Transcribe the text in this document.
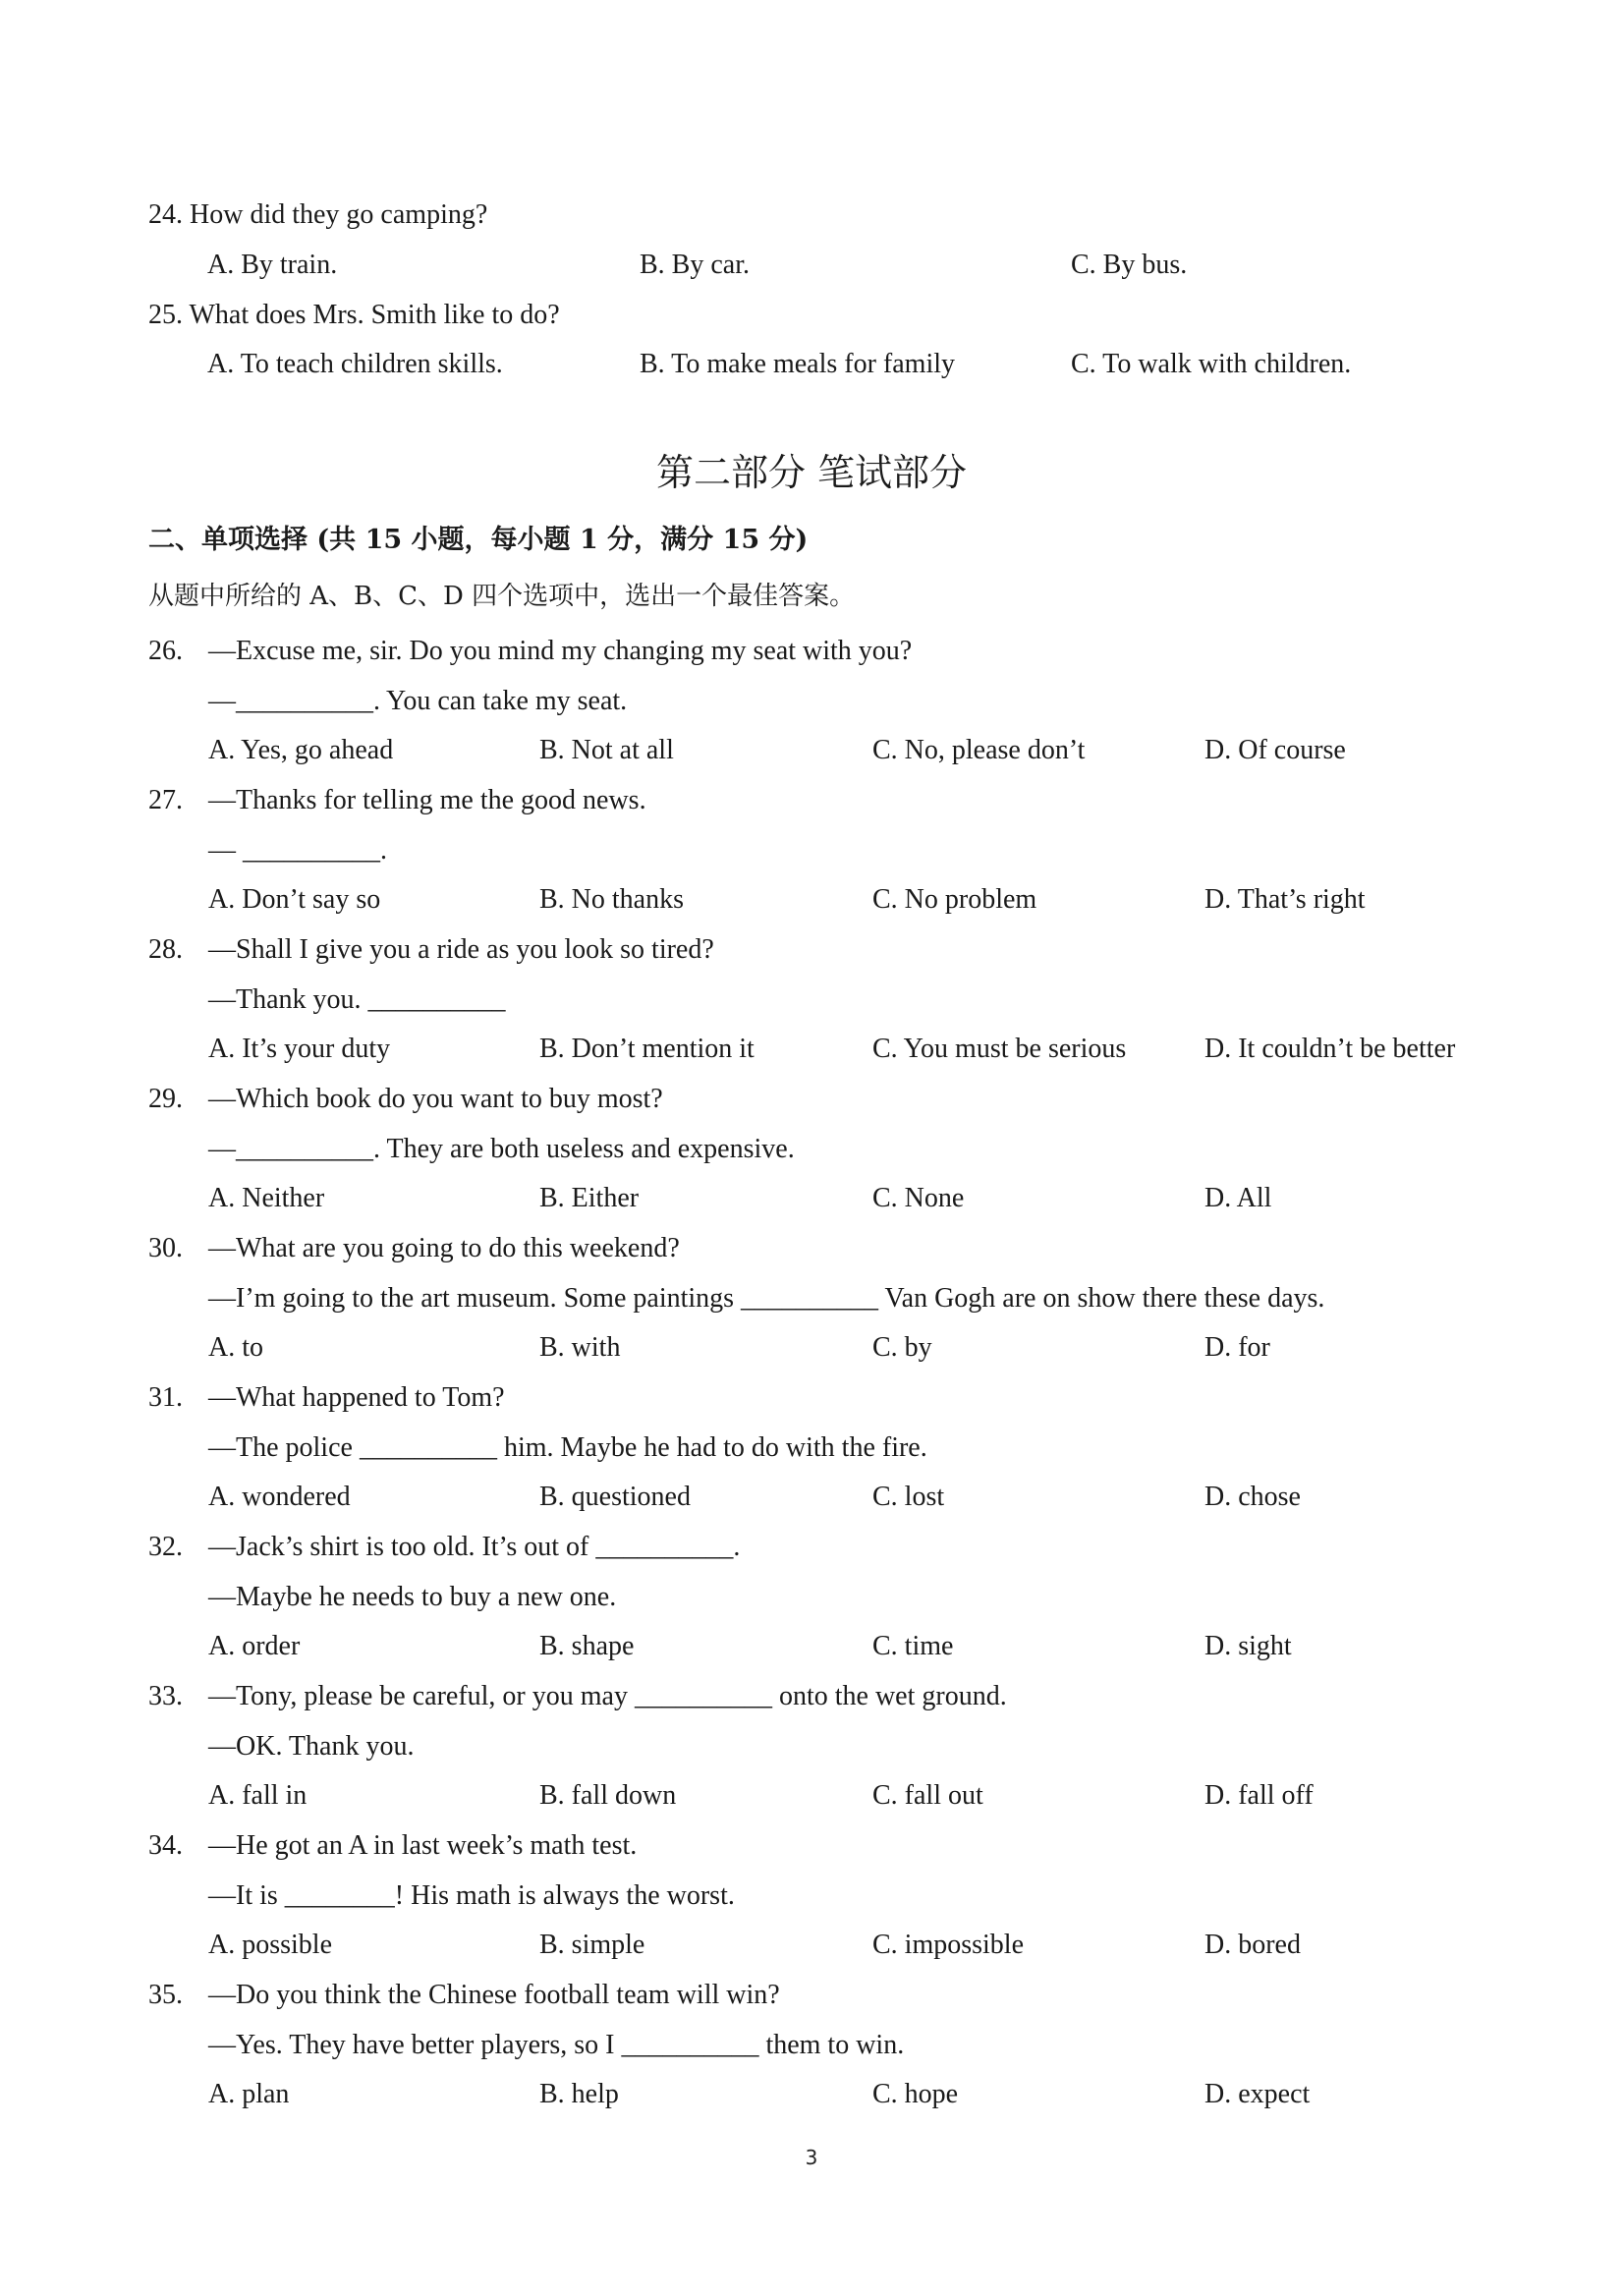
24. How did they go camping?
A. By train.	B. By car.	C. By bus.
25. What does Mrs. Smith like to do?
A. To teach children skills.	B. To make meals for family	C. To walk with children.
第二部分 笔试部分
二、单项选择 (共 15 小题，每小题 1 分，满分 15 分)
从题中所给的 A、B、C、D 四个选项中，选出一个最佳答案。
26. —Excuse me, sir. Do you mind my changing my seat with you?
—__________. You can take my seat.
A. Yes, go ahead	B. Not at all	C. No, please don’t	D. Of course
27. —Thanks for telling me the good news.
— __________.
A. Don’t say so	B. No thanks	C. No problem	D. That’s right
28. —Shall I give you a ride as you look so tired?
—Thank you. __________
A. It’s your duty	B. Don’t mention it	C. You must be serious	D. It couldn’t be better
29. —Which book do you want to buy most?
—__________. They are both useless and expensive.
A. Neither	B. Either	C. None	D. All
30. —What are you going to do this weekend?
—I’m going to the art museum. Some paintings __________ Van Gogh are on show there these days.
A. to	B. with	C. by	D. for
31. —What happened to Tom?
—The police __________ him. Maybe he had to do with the fire.
A. wondered	B. questioned	C. lost	D. chose
32. —Jack’s shirt is too old. It’s out of __________.
—Maybe he needs to buy a new one.
A. order	B. shape	C. time	D. sight
33. —Tony, please be careful, or you may __________ onto the wet ground.
—OK. Thank you.
A. fall in	B. fall down	C. fall out	D. fall off
34. —He got an A in last week’s math test.
—It is ________! His math is always the worst.
A. possible	B. simple	C. impossible	D. bored
35. —Do you think the Chinese football team will win?
—Yes. They have better players, so I __________ them to win.
A. plan	B. help	C. hope	D. expect
3
